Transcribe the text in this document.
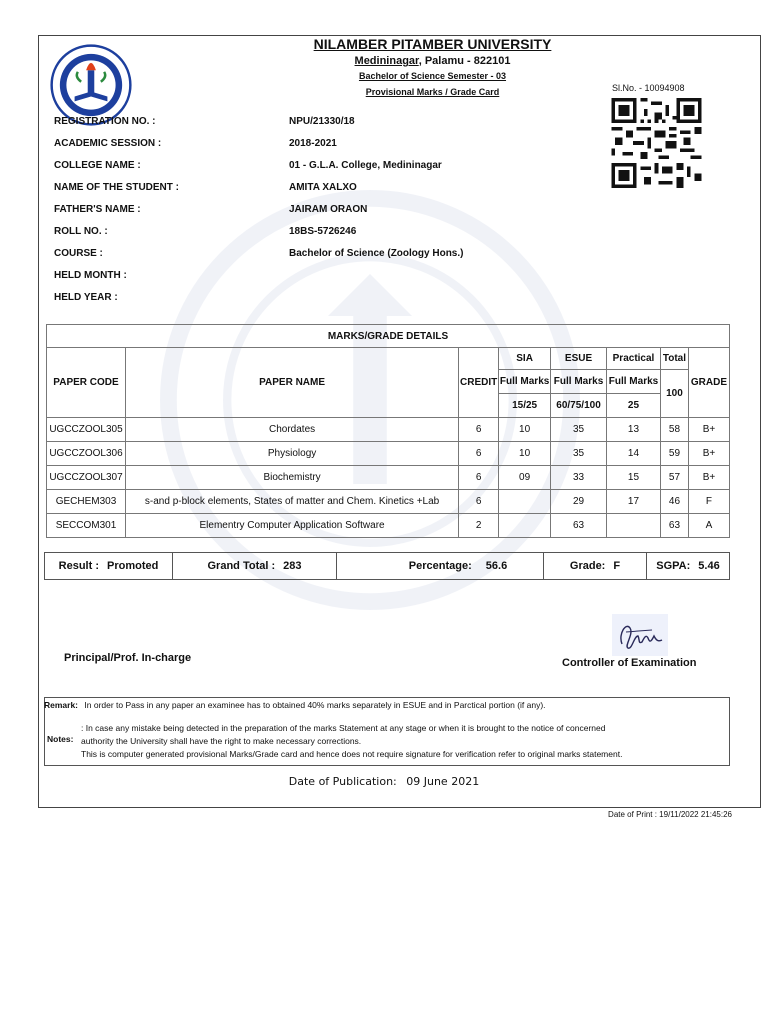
NILAMBER PITAMBER UNIVERSITY
Medininagar, Palamu - 822101
Bachelor of Science Semester - 03
Provisional Marks / Grade Card	Sl.No. - 10094908
REGISTRATION NO. :	NPU/21330/18
ACADEMIC SESSION :	2018-2021
COLLEGE NAME :	01 - G.L.A. College, Medininagar
NAME OF THE STUDENT :	AMITA XALXO
FATHER'S NAME :	JAIRAM ORAON
ROLL NO. :	18BS-5726246
COURSE :	Bachelor of Science (Zoology Hons.)
HELD MONTH :
HELD YEAR :
MARKS/GRADE DETAILS							
PAPER CODE	PAPER NAME	CREDIT	SIA	ESUE	Practical	Total	GRADE
			Full Marks	Full Marks	Full Marks	100	
			15/25	60/75/100	25		
UGCCZOOL305	Chordates	6	10	35	13	58	B+
UGCCZOOL306	Physiology	6	10	35	14	59	B+
UGCCZOOL307	Biochemistry	6	09	33	15	57	B+
GECHEM303	s-and p-block elements, States of matter and Chem. Kinetics +Lab	6		29	17	46	F
SECCOM301	Elementry Computer Application Software	2		63		63	A
Result : Promoted	Grand Total : 283	Percentage: 56.6	Grade: F	SGPA: 5.46
Principal/Prof. In-charge	Controller of Examination
Remark: In order to Pass in any paper an examinee has to obtained 40% marks separately in ESUE and in Parctical portion (if any).
Notes:
: In case any mistake being detected in the preparation of the marks Statement at any stage or when it is brought to the notice of concerned
authority the University shall have the right to make necessary corrections.
This is computer generated provisional Marks/Grade card and hence does not require signature for verification refer to original marks statement.
Date of Publication: 09 June 2021
Date of Print : 19/11/2022 21:45:26
